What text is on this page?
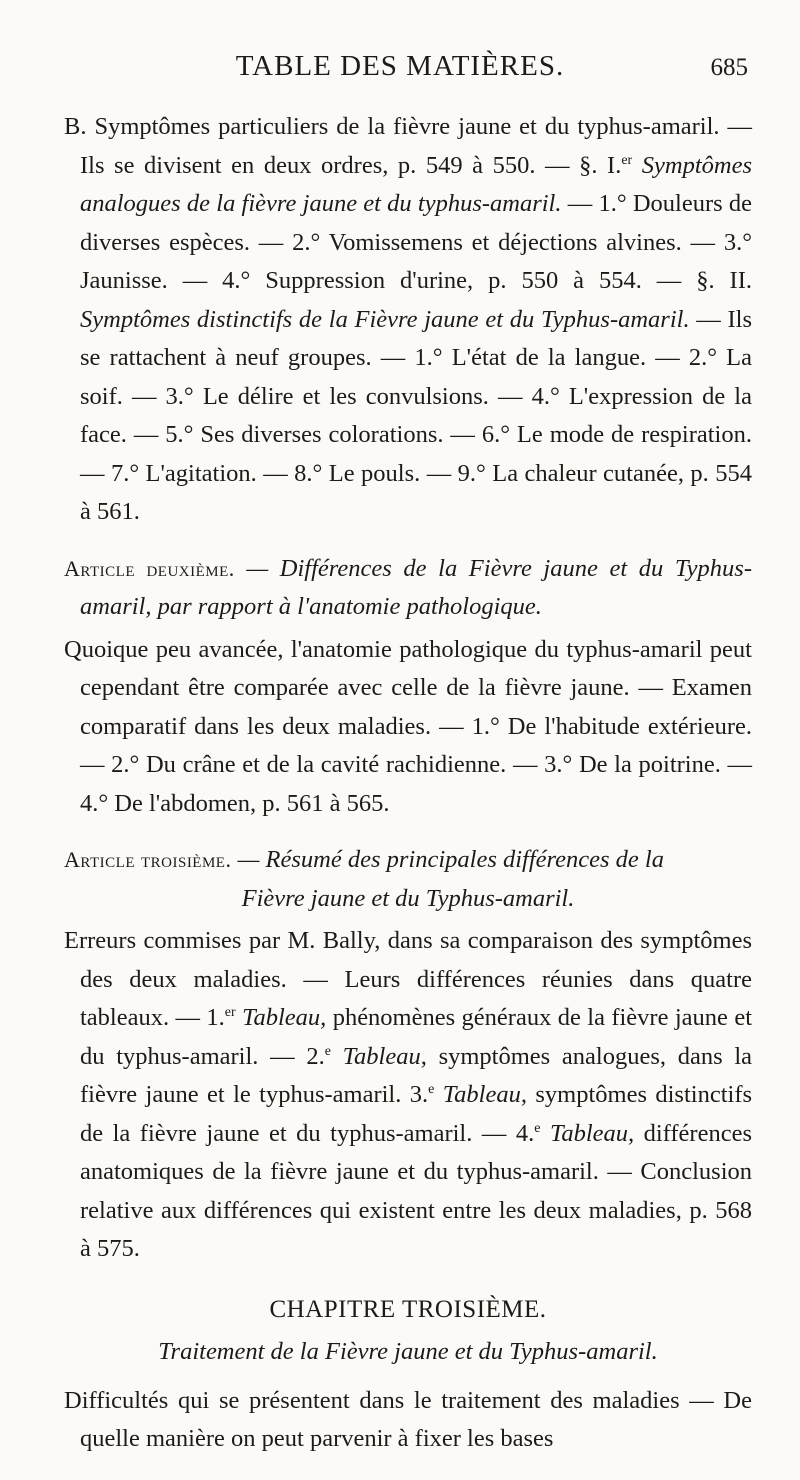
TABLE DES MATIÈRES.	685

B. Symptômes particuliers de la fièvre jaune et du typhus-amaril. — Ils se divisent en deux ordres, p. 549 à 550. — §. I.$^{er}$ Symptômes analogues de la fièvre jaune et du typhus-amaril. — 1.° Douleurs de diverses espèces. — 2.° Vomissemens et déjections alvines. — 3.° Jaunisse. — 4.° Suppression d'urine, p. 550 à 554. — §. II. Symptômes distinctifs de la Fièvre jaune et du Typhus-amaril. — Ils se rattachent à neuf groupes. — 1.° L'état de la langue. — 2.° La soif. — 3.° Le délire et les convulsions. — 4.° L'expression de la face. — 5.° Ses diverses colorations. — 6.° Le mode de respiration. — 7.° L'agitation. — 8.° Le pouls. — 9.° La chaleur cutanée, p. 554 à 561.

Article deuxième. — Différences de la Fièvre jaune et du Typhus-amaril, par rapport à l'anatomie pathologique.

Quoique peu avancée, l'anatomie pathologique du typhus-amaril peut cependant être comparée avec celle de la fièvre jaune. — Examen comparatif dans les deux maladies. — 1.° De l'habitude extérieure. — 2.° Du crâne et de la cavité rachidienne. — 3.° De la poitrine. — 4.° De l'abdomen, p. 561 à 565.

Article troisième. — Résumé des principales différences de la
Fièvre jaune et du Typhus-amaril.

Erreurs commises par M. Bally, dans sa comparaison des symptômes des deux maladies. — Leurs différences réunies dans quatre tableaux. — 1.$^{er}$ Tableau, phénomènes généraux de la fièvre jaune et du typhus-amaril. — 2.$^e$ Tableau, symptômes analogues, dans la fièvre jaune et le typhus-amaril. 3.$^e$ Tableau, symptômes distinctifs de la fièvre jaune et du typhus-amaril. — 4.$^e$ Tableau, différences anatomiques de la fièvre jaune et du typhus-amaril. — Conclusion relative aux différences qui existent entre les deux maladies, p. 568 à 575.

CHAPITRE TROISIÈME.

Traitement de la Fièvre jaune et du Typhus-amaril.

Difficultés qui se présentent dans le traitement des maladies — De quelle manière on peut parvenir à fixer les bases
